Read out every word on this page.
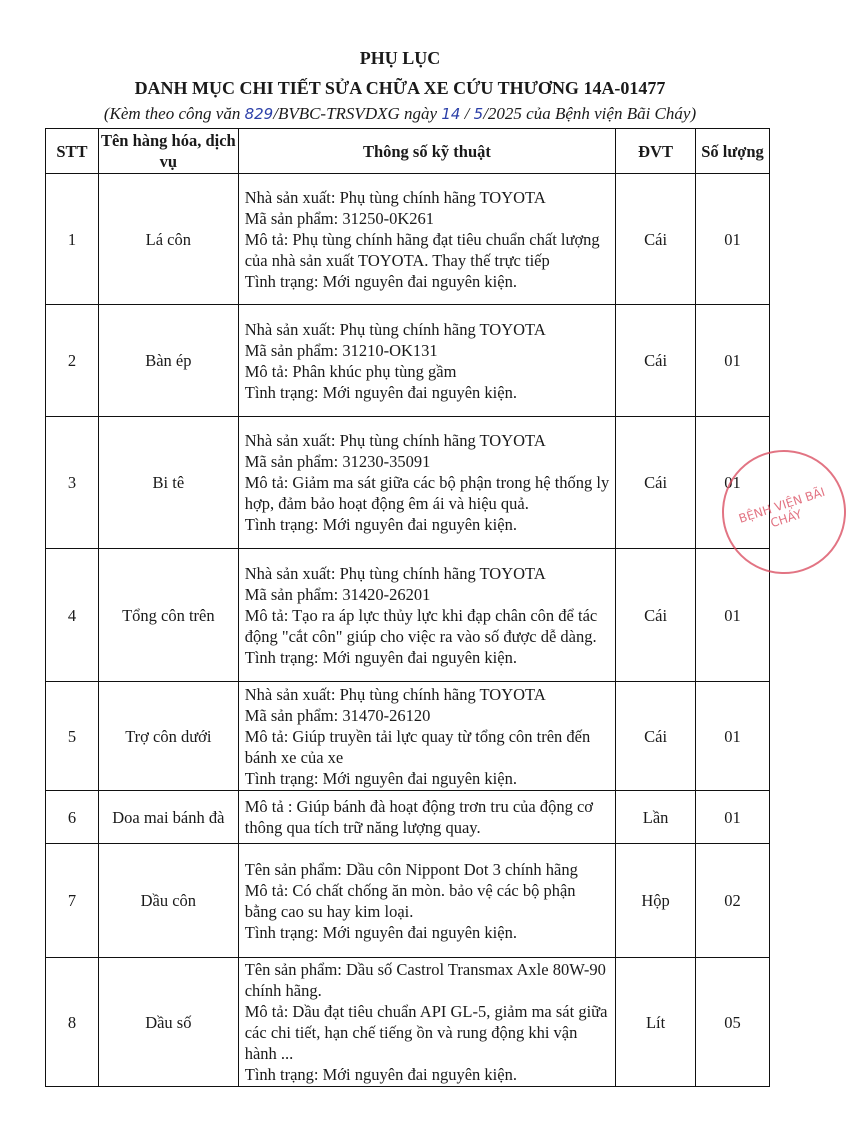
PHỤ LỤC
DANH MỤC CHI TIẾT SỬA CHỮA XE CỨU THƯƠNG 14A-01477
(Kèm theo công văn 829/BVBC-TRSVDXG ngày 14 / 5/2025 của Bệnh viện Bãi Cháy)
STT	Tên hàng hóa, dịch vụ	Thông số kỹ thuật	ĐVT	Số lượng
1	Lá côn	Nhà sản xuất: Phụ tùng chính hãng TOYOTA
Mã sản phẩm: 31250-0K261
Mô tả: Phụ tùng chính hãng đạt tiêu chuẩn chất lượng của nhà sản xuất TOYOTA. Thay thế trực tiếp
Tình trạng: Mới nguyên đai nguyên kiện.	Cái	01
2	Bàn ép	Nhà sản xuất: Phụ tùng chính hãng TOYOTA
Mã sản phẩm: 31210-OK131
Mô tả: Phân khúc phụ tùng gầm
Tình trạng: Mới nguyên đai nguyên kiện.	Cái	01
3	Bi tê	Nhà sản xuất: Phụ tùng chính hãng TOYOTA
Mã sản phẩm: 31230-35091
Mô tả: Giảm ma sát giữa các bộ phận trong hệ thống ly hợp, đảm bảo hoạt động êm ái và hiệu quả.
Tình trạng: Mới nguyên đai nguyên kiện.	Cái	01
4	Tổng côn trên	Nhà sản xuất: Phụ tùng chính hãng TOYOTA
Mã sản phẩm: 31420-26201
Mô tả: Tạo ra áp lực thủy lực khi đạp chân côn để tác động "cắt côn" giúp cho việc ra vào số được dễ dàng.
Tình trạng: Mới nguyên đai nguyên kiện.	Cái	01
5	Trợ côn dưới	Nhà sản xuất: Phụ tùng chính hãng TOYOTA
Mã sản phẩm: 31470-26120
Mô tả: Giúp truyền tải lực quay từ tổng côn trên đến bánh xe của xe
Tình trạng: Mới nguyên đai nguyên kiện.	Cái	01
6	Doa mai bánh đà	Mô tả : Giúp bánh đà hoạt động trơn tru của động cơ thông qua tích trữ năng lượng quay.	Lần	01
7	Dầu côn	Tên sản phẩm: Dầu côn Nippont Dot 3 chính hãng
Mô tả: Có chất chống ăn mòn. bảo vệ các bộ phận bằng cao su hay kim loại.
Tình trạng: Mới nguyên đai nguyên kiện.	Hộp	02
8	Dầu số	Tên sản phẩm: Dầu số Castrol Transmax Axle 80W-90 chính hãng.
Mô tả: Dầu đạt tiêu chuẩn API GL-5, giảm ma sát giữa các chi tiết, hạn chế tiếng ồn và rung động khi vận hành ...
Tình trạng: Mới nguyên đai nguyên kiện.	Lít	05
BỆNH VIỆN BÃI CHÁY
